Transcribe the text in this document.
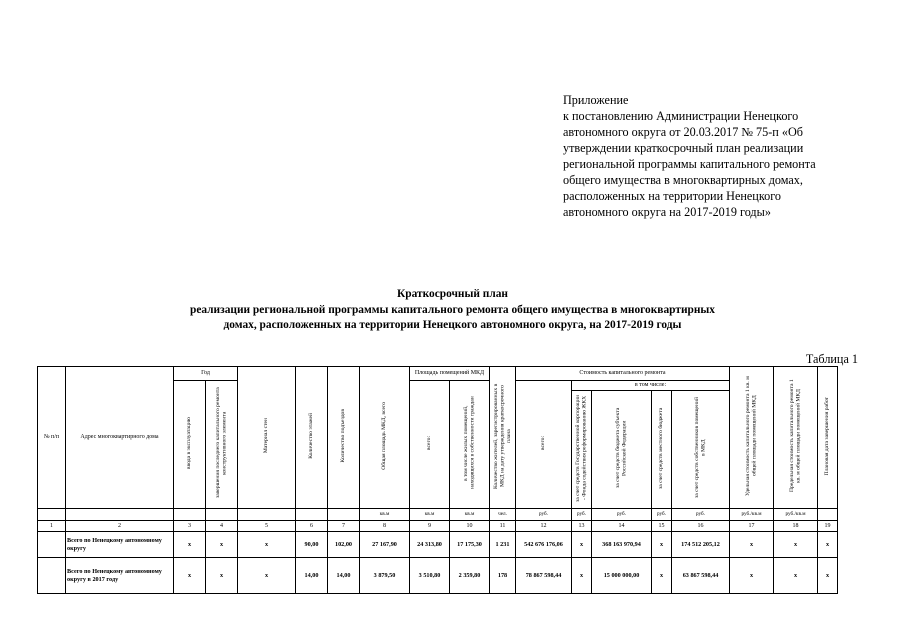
Приложение
к постановлению Администрации Ненецкого
автономного округа от 20.03.2017 № 75-п «Об
утверждении краткосрочный план реализации
региональной программы капитального ремонта
общего имущества в многоквартирных домах,
расположенных на территории Ненецкого
автономного округа на 2017-2019 годы»
Краткосрочный план
реализации региональной программы капитального ремонта общего имущества в многоквартирных
домах, расположенных на территории Ненецкого автономного округа, на 2017-2019 годы
Таблица 1
№ п/п	Адрес многоквартирного дома	Год		Материал стен	Количество этажей	Количество подъездов	Общая площадь МКД, всего	Площадь помещений МКД		Количество жителей, зарегистрированных в МКД на дату утверждения краткосрочного плана	Стоимость капитального ремонта					Удельная стоимость капитального ремонта 1 кв. м общей площади помещений МКД	Предельная стоимость капитального ремонта 1 кв. м общей площади помещений МКД	Плановая дата завершения работ
		ввода в эксплуатацию	завершения последнего капитального ремонта конструктивного элемента					всего:	в том числе жилых помещений, находящихся в собственности граждан		всего:	в том числе:						
												за счет средств Государственной корпорации - Фонда содействия реформированию ЖКХ	за счет средств бюджета субъекта Российской Федерации	за счет средств местного бюджета	за счет средств собственников помещений в МКД			
							кв.м	кв.м	кв.м	чел.	руб.	руб.	руб.	руб.	руб.	руб./кв.м	руб./кв.м	
1	2	3	4	5	6	7	8	9	10	11	12	13	14	15	16	17	18	19
	Всего по Ненецкому автономному округу	x	x	x	90,00	102,00	27 167,90	24 313,80	17 175,30	1 231	542 676 176,06	x	368 163 970,94	x	174 512 205,12	x	x	x
	Всего по Ненецкому автономному округу в 2017 году	x	x	x	14,00	14,00	3 879,50	3 510,80	2 359,80	178	78 867 598,44	x	15 000 000,00	x	63 867 598,44	x	x	x
